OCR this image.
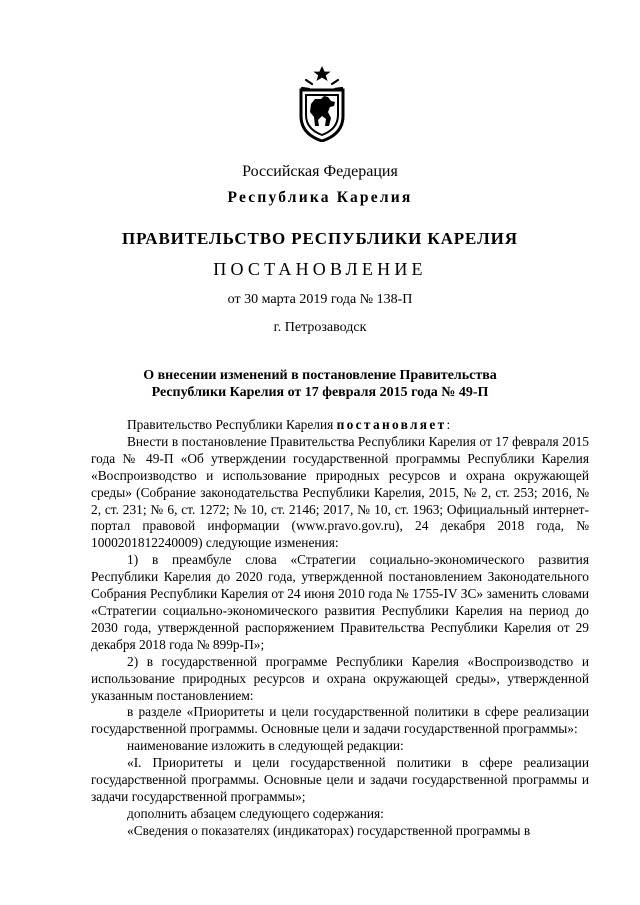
Российская Федерация
Республика Карелия
ПРАВИТЕЛЬСТВО РЕСПУБЛИКИ КАРЕЛИЯ
ПОСТАНОВЛЕНИЕ
от 30 марта 2019 года № 138-П
г. Петрозаводск
О внесении изменений в постановление Правительства
Республики Карелия от 17 февраля 2015 года № 49-П

Правительство Республики Карелия постановляет:

Внести в постановление Правительства Республики Карелия от 17 февраля 2015 года № 49-П «Об утверждении государственной программы Республики Карелия «Воспроизводство и использование природных ресурсов и охрана окружающей среды» (Собрание законодательства Республики Карелия, 2015, № 2, ст. 253; 2016, № 2, ст. 231; № 6, ст. 1272; № 10, ст. 2146; 2017, № 10, ст. 1963; Официальный интернет-портал правовой информации (www.pravo.gov.ru), 24 декабря 2018 года, № 1000201812240009) следующие изменения:

1) в преамбуле слова «Стратегии социально-экономического развития Республики Карелия до 2020 года, утвержденной постановлением Законодательного Собрания Республики Карелия от 24 июня 2010 года № 1755-IV ЗС» заменить словами «Стратегии социально-экономического развития Республики Карелия на период до 2030 года, утвержденной распоряжением Правительства Республики Карелия от 29 декабря 2018 года № 899р-П»;

2) в государственной программе Республики Карелия «Воспроизводство и использование природных ресурсов и охрана окружающей среды», утвержденной указанным постановлением:

в разделе «Приоритеты и цели государственной политики в сфере реализации государственной программы. Основные цели и задачи государственной программы»:

наименование изложить в следующей редакции:

«I. Приоритеты и цели государственной политики в сфере реализации государственной программы. Основные цели и задачи государственной программы и задачи государственной программы»;

дополнить абзацем следующего содержания:

«Сведения о показателях (индикаторах) государственной программы в
